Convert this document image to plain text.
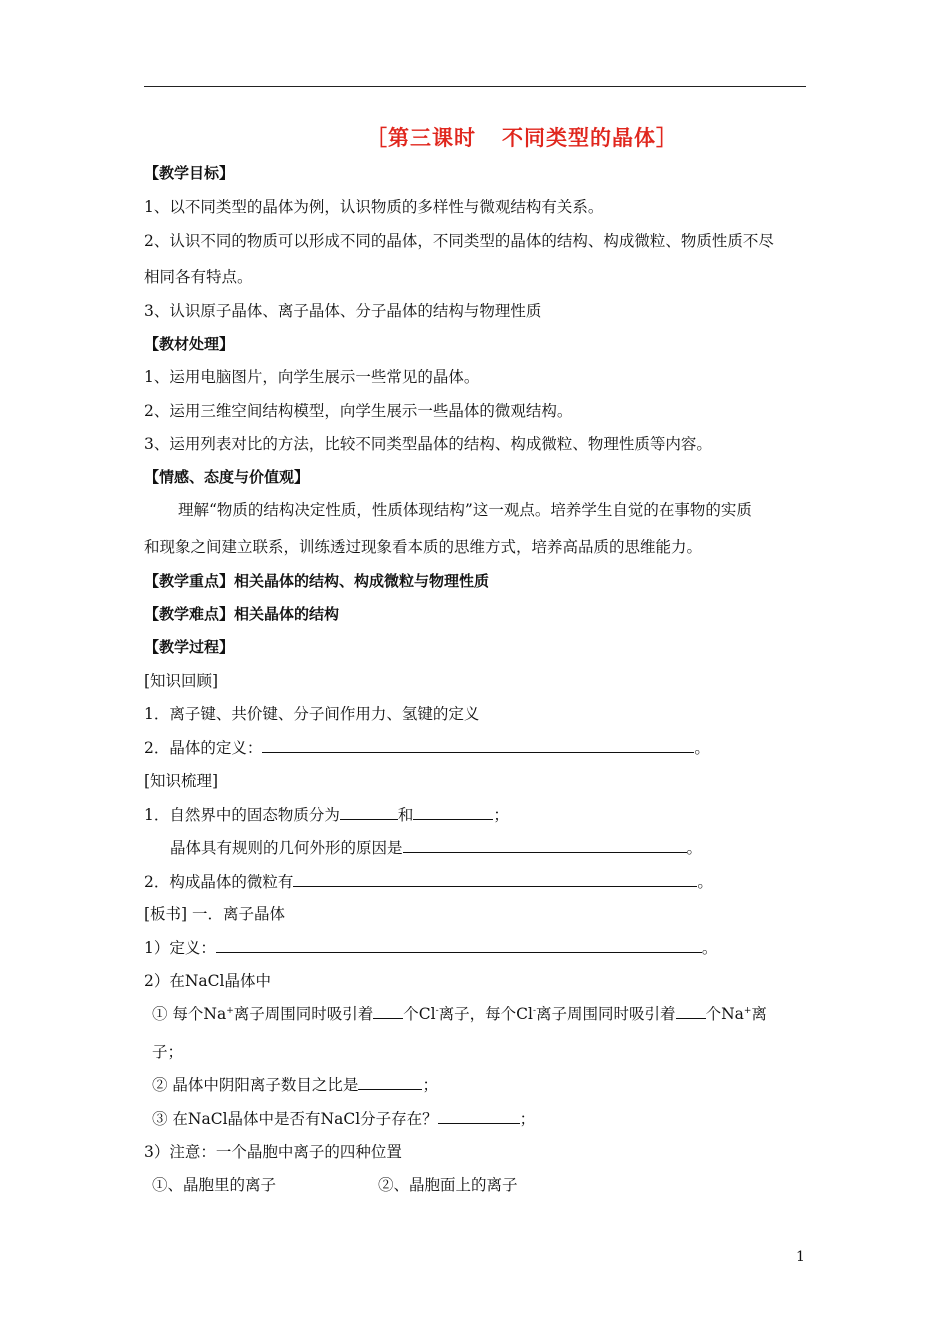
［第三课时 不同类型的晶体］
【教学目标】
1、以不同类型的晶体为例，认识物质的多样性与微观结构有关系。
2、认识不同的物质可以形成不同的晶体，不同类型的晶体的结构、构成微粒、物质性质不尽
相同各有特点。
3、认识原子晶体、离子晶体、分子晶体的结构与物理性质
【教材处理】
1、运用电脑图片，向学生展示一些常见的晶体。
2、运用三维空间结构模型，向学生展示一些晶体的微观结构。
3、运用列表对比的方法，比较不同类型晶体的结构、构成微粒、物理性质等内容。
【情感、态度与价值观】
理解“物质的结构决定性质，性质体现结构”这一观点。培养学生自觉的在事物的实质
和现象之间建立联系，训练透过现象看本质的思维方式，培养高品质的思维能力。
【教学重点】相关晶体的结构、构成微粒与物理性质
【教学难点】相关晶体的结构
【教学过程】
[知识回顾]
1．离子键、共价键、分子间作用力、氢键的定义
2．晶体的定义：	。
[知识梳理]
1．自然界中的固态物质分为	和	；
晶体具有规则的几何外形的原因是	。
2．构成晶体的微粒有	。
[板书] 一．离子晶体
1）定义：	。
2）在NaCl晶体中
① 每个Na+离子周围同时吸引着 个Cl-离子，每个Cl-离子周围同时吸引着 个Na+离
子；
② 晶体中阴阳离子数目之比是	；
③ 在NaCl晶体中是否有NaCl分子存在？	；
3）注意：一个晶胞中离子的四种位置
①、晶胞里的离子	②、晶胞面上的离子
1
